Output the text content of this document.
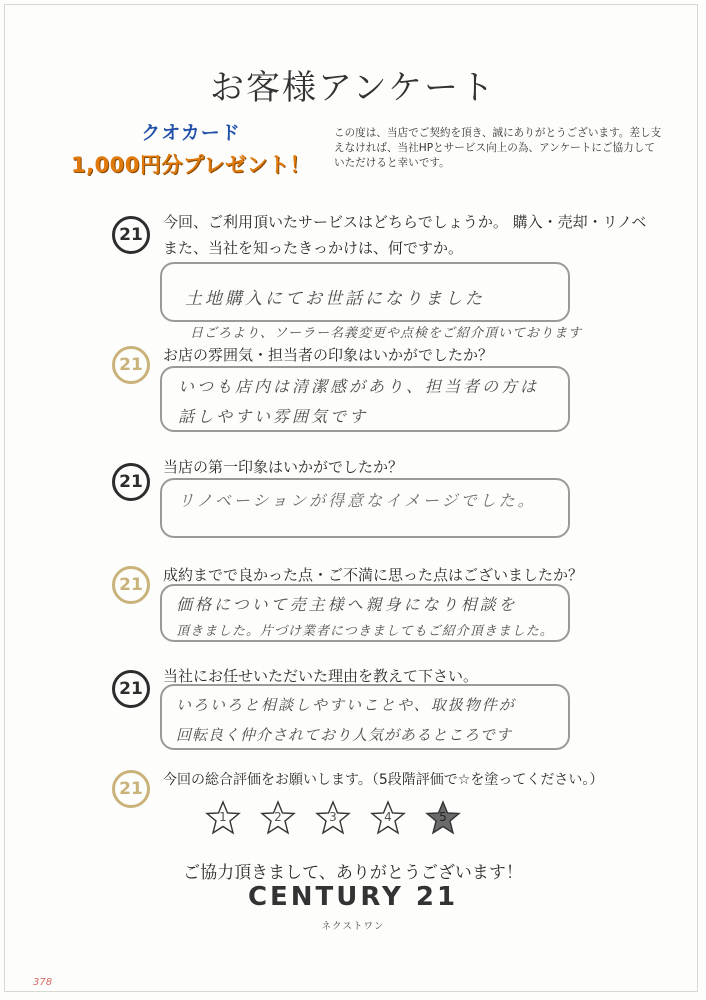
お客様アンケート
クオカード
1,000円分プレゼント！
この度は、当店でご契約を頂き、誠にありがとうございます。差し支えなければ、当社HPとサービス向上の為、アンケートにご協力していただけると幸いです。
21
今回、ご利用頂いたサービスはどちらでしょうか。 購入・売却・リノベ
また、当社を知ったきっかけは、何ですか。
土地購入にてお世話になりました
日ごろより、ソーラー名義変更や点検をご紹介頂いております
21	お店の雰囲気・担当者の印象はいかがでしたか？
いつも店内は清潔感があり、担当者の方は
話しやすい雰囲気です
21
当店の第一印象はいかがでしたか？
リノベーションが得意なイメージでした。
21	成約までで良かった点・ご不満に思った点はございましたか？
価格について売主様へ親身になり相談を
頂きました。片づけ業者につきましてもご紹介頂きました。
21
当社にお任せいただいた理由を教えて下さい。
いろいろと相談しやすいことや、取扱物件が
回転良く仲介されており人気があるところです
21	今回の総合評価をお願いします。（5段階評価で☆を塗ってください。）
1	2	3	4	5
ご協力頂きまして、ありがとうございます！
CENTURY 21
ネクストワン
378
